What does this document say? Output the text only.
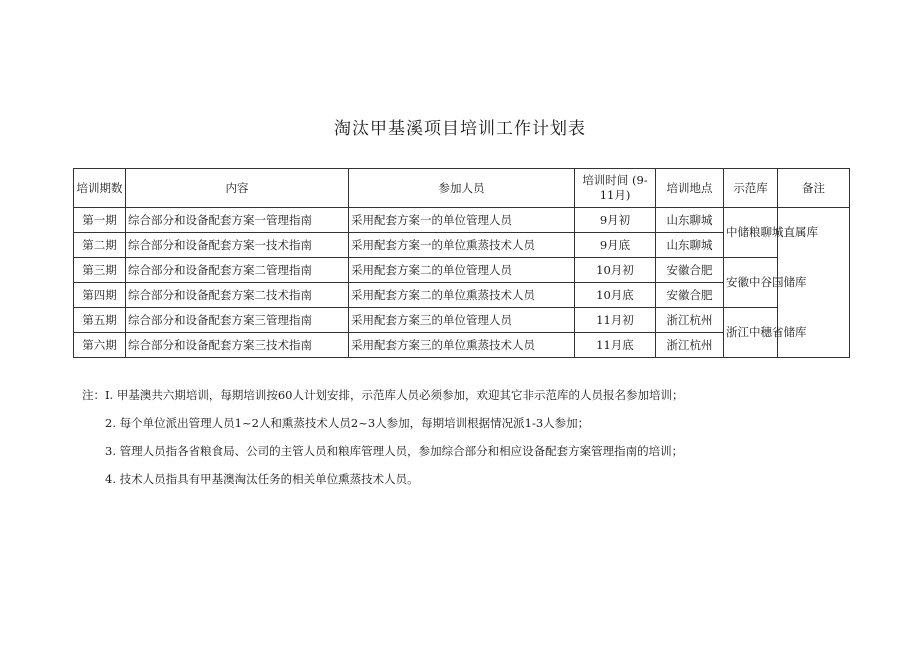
淘汰甲基溪项目培训工作计划表
培训期数	内容	参加人员	培训时间 (9-11月)	培训地点	示范库	备注
第一期	综合部分和设备配套方案一管理指南	采用配套方案一的单位管理人员	9月初	山东聊城	中储粮聊城直属库	
第二期	综合部分和设备配套方案一技术指南	采用配套方案一的单位熏蒸技术人员	9月底	山东聊城		
第三期	综合部分和设备配套方案二管理指南	采用配套方案二的单位管理人员	10月初	安徽合肥	安徽中谷国储库	
第四期	综合部分和设备配套方案二技术指南	采用配套方案二的单位熏蒸技术人员	10月底	安徽合肥		
第五期	综合部分和设备配套方案三管理指南	采用配套方案三的单位管理人员	11月初	浙江杭州	浙江中穗省储库	
第六期	综合部分和设备配套方案三技术指南	采用配套方案三的单位熏蒸技术人员	11月底	浙江杭州		
注：I. 甲基澳共六期培训，每期培训按60人计划安排，示范库人员必须参加，欢迎其它非示范库的人员报名参加培训；
2. 每个单位派出管理人员1~2人和熏蒸技术人员2~3人参加，每期培训根据情况派1-3人参加；
3. 管理人员指各省粮食局、公司的主管人员和粮库管理人员，参加综合部分和相应设备配套方案管理指南的培训；
4. 技术人员指具有甲基澳淘汰任务的相关单位熏蒸技术人员。
